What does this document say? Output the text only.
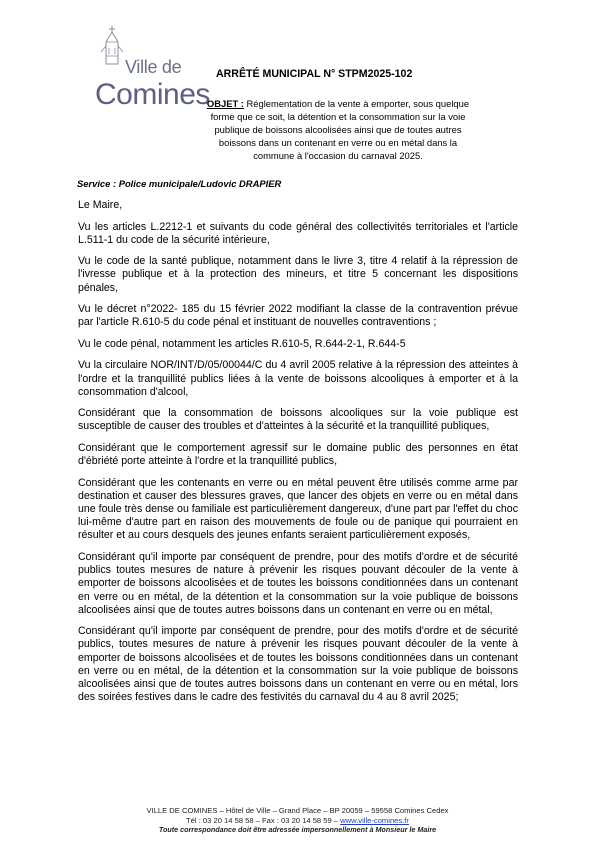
Ville de
Comines
ARRÊTÉ MUNICIPAL N° STPM2025-102
OBJET : Réglementation de la vente à emporter, sous quelque forme que ce soit, la détention et la consommation sur la voie publique de boissons alcoolisées ainsi que de toutes autres boissons dans un contenant en verre ou en métal dans la commune à l'occasion du carnaval 2025.
Service : Police municipale/Ludovic DRAPIER

Le Maire,

Vu les articles L.2212-1 et suivants du code général des collectivités territoriales et l'article L.511-1 du code de la sécurité intérieure,

Vu le code de la santé publique, notamment dans le livre 3, titre 4 relatif à la répression de l'ivresse publique et à la protection des mineurs, et titre 5 concernant les dispositions pénales,

Vu le décret n°2022- 185 du 15 février 2022 modifiant la classe de la contravention prévue par l'article R.610-5 du code pénal et instituant de nouvelles contraventions ;

Vu le code pénal, notamment les articles R.610-5, R.644-2-1, R.644-5

Vu la circulaire NOR/INT/D/05/00044/C du 4 avril 2005 relative à la répression des atteintes à l'ordre et la tranquillité publics liées à la vente de boissons alcooliques à emporter et à la consommation d'alcool,

Considérant que la consommation de boissons alcooliques sur la voie publique est susceptible de causer des troubles et d'atteintes à la sécurité et la tranquillité publiques,

Considérant que le comportement agressif sur le domaine public des personnes en état d'ébriété porte atteinte à l'ordre et la tranquillité publics,

Considérant que les contenants en verre ou en métal peuvent être utilisés comme arme par destination et causer des blessures graves, que lancer des objets en verre ou en métal dans une foule très dense ou familiale est particulièrement dangereux, d'une part par l'effet du choc lui-même d'autre part en raison des mouvements de foule ou de panique qui pourraient en résulter et au cours desquels des jeunes enfants seraient particulièrement exposés,

Considérant qu'il importe par conséquent de prendre, pour des motifs d'ordre et de sécurité publics toutes mesures de nature à prévenir les risques pouvant découler de la vente à emporter de boissons alcoolisées et de toutes les boissons conditionnées dans un contenant en verre ou en métal, de la détention et la consommation sur la voie publique de boissons alcoolisées ainsi que de toutes autres boissons dans un contenant en verre ou en métal,

Considérant qu'il importe par conséquent de prendre, pour des motifs d'ordre et de sécurité publics, toutes mesures de nature à prévenir les risques pouvant découler de la vente à emporter de boissons alcoolisées et de toutes les boissons conditionnées dans un contenant en verre ou en métal, de la détention et la consommation sur la voie publique de boissons alcoolisées ainsi que de toutes autres boissons dans un contenant en verre ou en métal, lors des soirées festives dans le cadre des festivités du carnaval du 4 au 8 avril 2025;

VILLE DE COMINES – Hôtel de Ville – Grand Place – BP 20059 – 59558 Comines Cedex
Tél : 03 20 14 58 58 – Fax : 03 20 14 58 59 – www.ville-comines.fr
Toute correspondance doit être adressée impersonnellement à Monsieur le Maire
